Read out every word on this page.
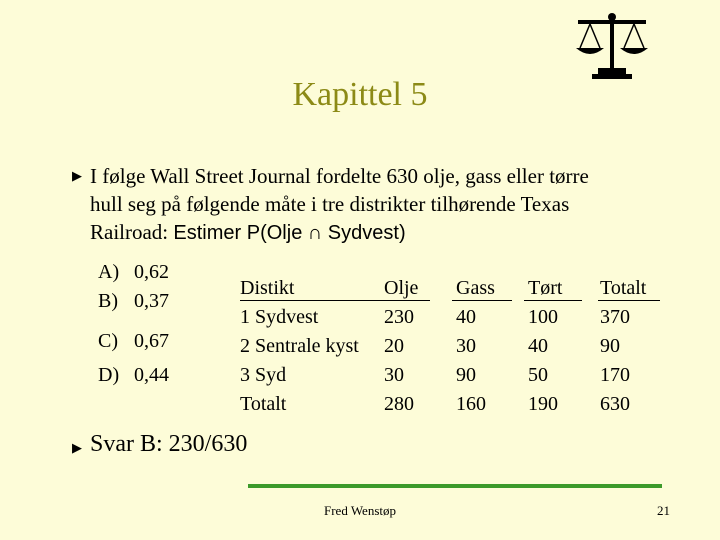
Kapittel 5
▶ I følge Wall Street Journal fordelte 630 olje, gass eller tørre
hull seg på følgende måte i tre distrikter tilhørende Texas
Railroad: Estimer P(Olje ∩ Sydvest)
A) 0,62
B) 0,37
C) 0,67
D) 0,44
Distikt	Olje Gass Tørt Totalt
1 Sydvest	230 40	100 370
2 Sentrale kyst 20	30	40	90
3 Syd	30	90	50	170
Totalt	280 160 190 630
▶ Svar B: 230/630
Fred Wenstøp	21
